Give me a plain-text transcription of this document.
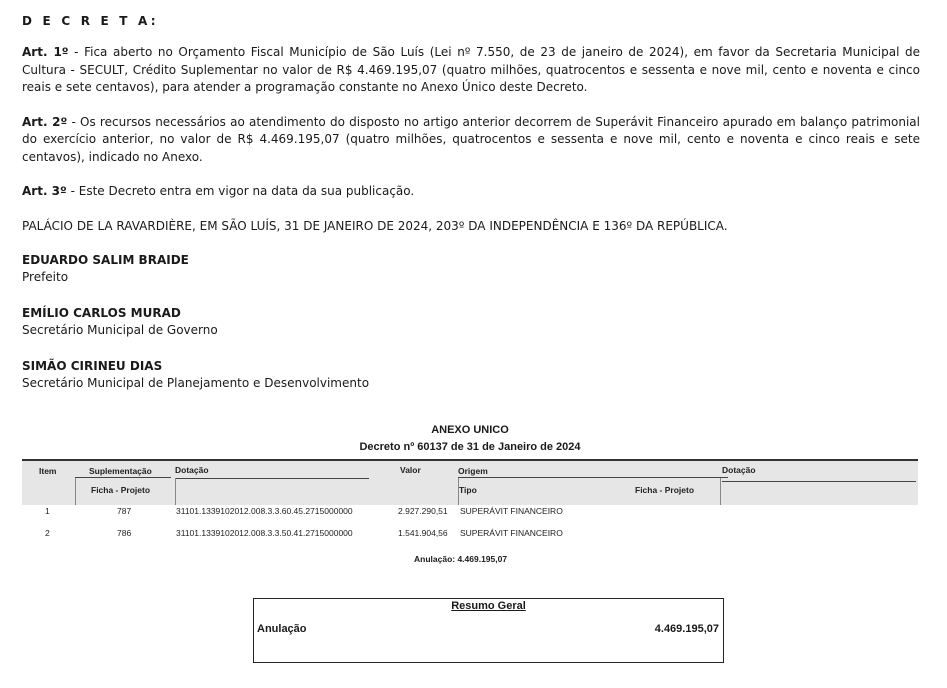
D E C R E T A:

Art. 1º - Fica aberto no Orçamento Fiscal Município de São Luís (Lei nº 7.550, de 23 de janeiro de 2024), em favor da Secretaria Municipal de Cultura - SECULT, Crédito Suplementar no valor de R$ 4.469.195,07 (quatro milhões, quatrocentos e sessenta e nove mil, cento e noventa e cinco reais e sete centavos), para atender a programação constante no Anexo Único deste Decreto.

Art. 2º - Os recursos necessários ao atendimento do disposto no artigo anterior decorrem de Superávit Financeiro apurado em balanço patrimonial do exercício anterior, no valor de R$ 4.469.195,07 (quatro milhões, quatrocentos e sessenta e nove mil, cento e noventa e cinco reais e sete centavos), indicado no Anexo.

Art. 3º - Este Decreto entra em vigor na data da sua publicação.

PALÁCIO DE LA RAVARDIÈRE, EM SÃO LUÍS, 31 DE JANEIRO DE 2024, 203º DA INDEPENDÊNCIA E 136º DA REPÚBLICA.

EDUARDO SALIM BRAIDE
Prefeito
EMÍLIO CARLOS MURAD
Secretário Municipal de Governo
SIMÃO CIRINEU DIAS
Secretário Municipal de Planejamento e Desenvolvimento
ANEXO UNICO
Decreto nº 60137 de 31 de Janeiro de 2024
Item	Suplementação	Dotação	Valor	Origem	Dotação
Ficha - Projeto	Tipo	Ficha - Projeto
1	787	31101.1339102012.008.3.3.60.45.2715000000	2.927.290,51 SUPERÁVIT FINANCEIRO
2	786	31101.1339102012.008.3.3.50.41.2715000000	1.541.904,56 SUPERÁVIT FINANCEIRO
Anulação: 4.469.195,07
Resumo Geral
Anulação	4.469.195,07
